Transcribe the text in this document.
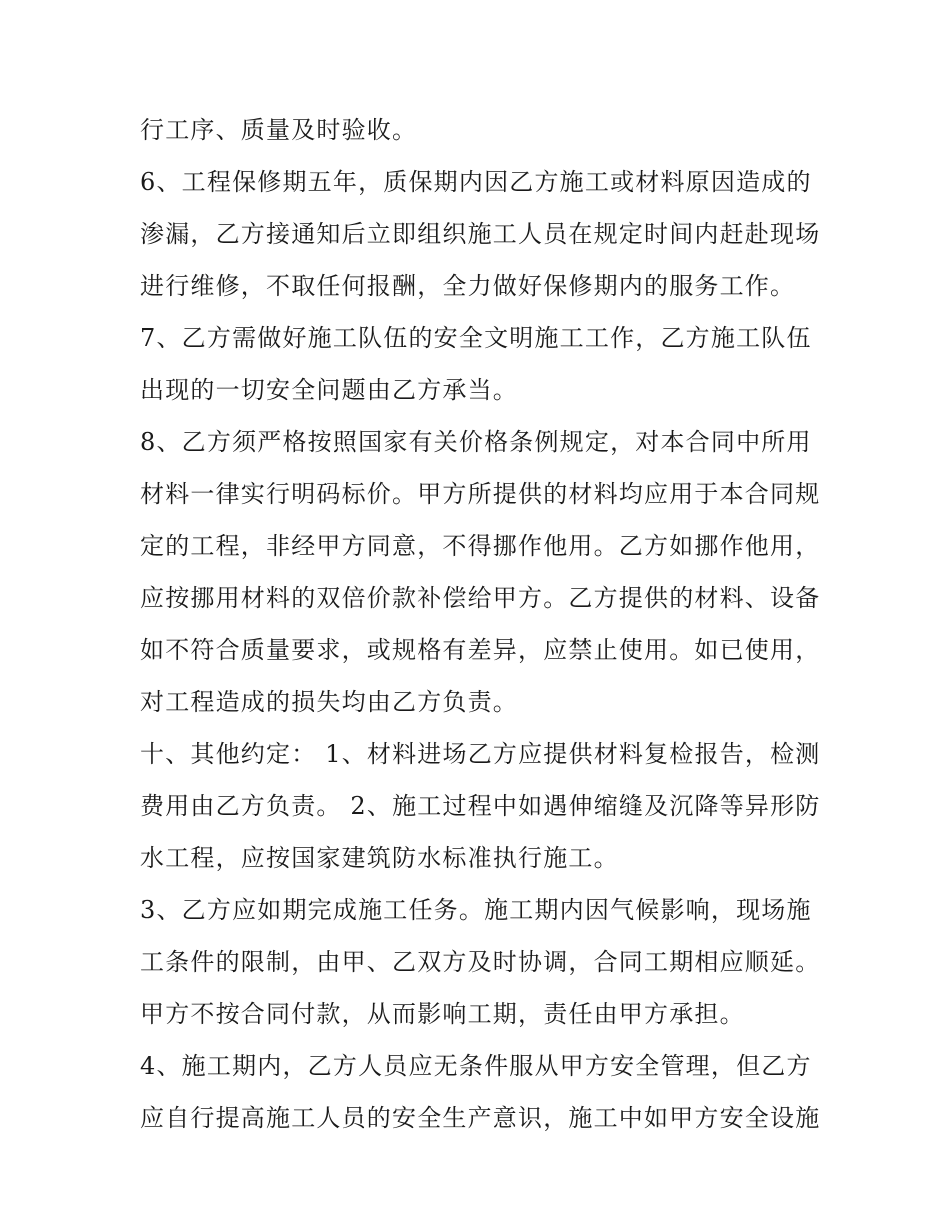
行工序、质量及时验收。
6、工程保修期五年，质保期内因乙方施工或材料原因造成的
渗漏，乙方接通知后立即组织施工人员在规定时间内赶赴现场
进行维修，不取任何报酬，全力做好保修期内的服务工作。
7、乙方需做好施工队伍的安全文明施工工作，乙方施工队伍
出现的一切安全问题由乙方承当。
8、乙方须严格按照国家有关价格条例规定，对本合同中所用
材料一律实行明码标价。甲方所提供的材料均应用于本合同规
定的工程，非经甲方同意，不得挪作他用。乙方如挪作他用，
应按挪用材料的双倍价款补偿给甲方。乙方提供的材料、设备
如不符合质量要求，或规格有差异，应禁止使用。如已使用，
对工程造成的损失均由乙方负责。
十、其他约定： 1、材料进场乙方应提供材料复检报告，检测
费用由乙方负责。 2、施工过程中如遇伸缩缝及沉降等异形防
水工程，应按国家建筑防水标准执行施工。
3、乙方应如期完成施工任务。施工期内因气候影响，现场施
工条件的限制，由甲、乙双方及时协调，合同工期相应顺延。
甲方不按合同付款，从而影响工期，责任由甲方承担。
4、施工期内，乙方人员应无条件服从甲方安全管理，但乙方
应自行提高施工人员的安全生产意识，施工中如甲方安全设施
